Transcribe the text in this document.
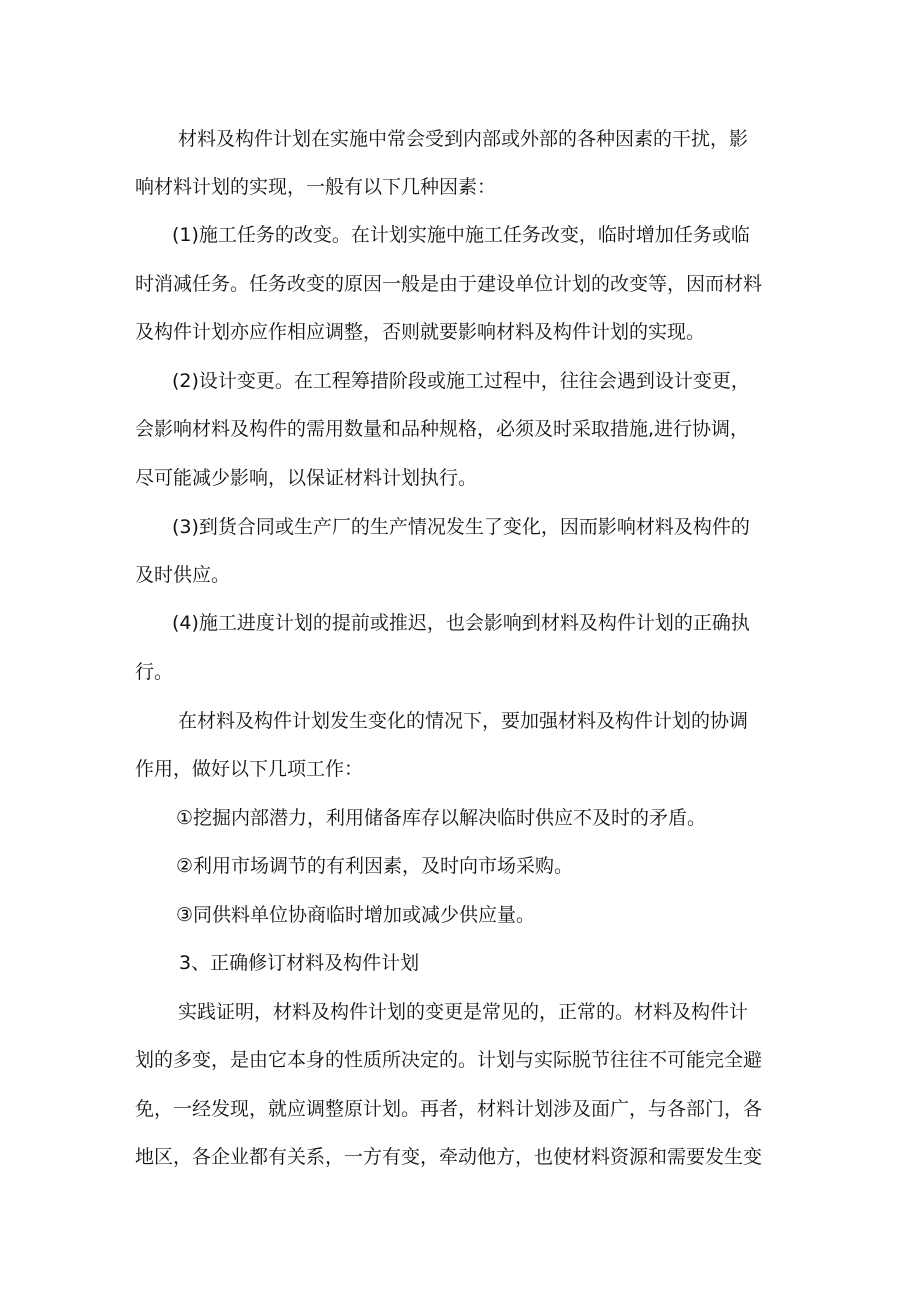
材料及构件计划在实施中常会受到内部或外部的各种因素的干扰，影
响材料计划的实现，一般有以下几种因素：
(1)施工任务的改变。在计划实施中施工任务改变，临时增加任务或临
时消减任务。任务改变的原因一般是由于建设单位计划的改变等，因而材料
及构件计划亦应作相应调整，否则就要影响材料及构件计划的实现。
(2)设计变更。在工程筹措阶段或施工过程中，往往会遇到设计变更，
会影响材料及构件的需用数量和品种规格，必须及时采取措施,进行协调，
尽可能减少影响，以保证材料计划执行。
(3)到货合同或生产厂的生产情况发生了变化，因而影响材料及构件的
及时供应。
(4)施工进度计划的提前或推迟，也会影响到材料及构件计划的正确执
行。
在材料及构件计划发生变化的情况下，要加强材料及构件计划的协调
作用，做好以下几项工作：
①挖掘内部潜力，利用储备库存以解决临时供应不及时的矛盾。
②利用市场调节的有利因素，及时向市场采购。
③同供料单位协商临时增加或减少供应量。
3、正确修订材料及构件计划
实践证明，材料及构件计划的变更是常见的，正常的。材料及构件计
划的多变，是由它本身的性质所决定的。计划与实际脱节往往不可能完全避
免，一经发现，就应调整原计划。再者，材料计划涉及面广，与各部门，各
地区，各企业都有关系，一方有变，牵动他方，也使材料资源和需要发生变
